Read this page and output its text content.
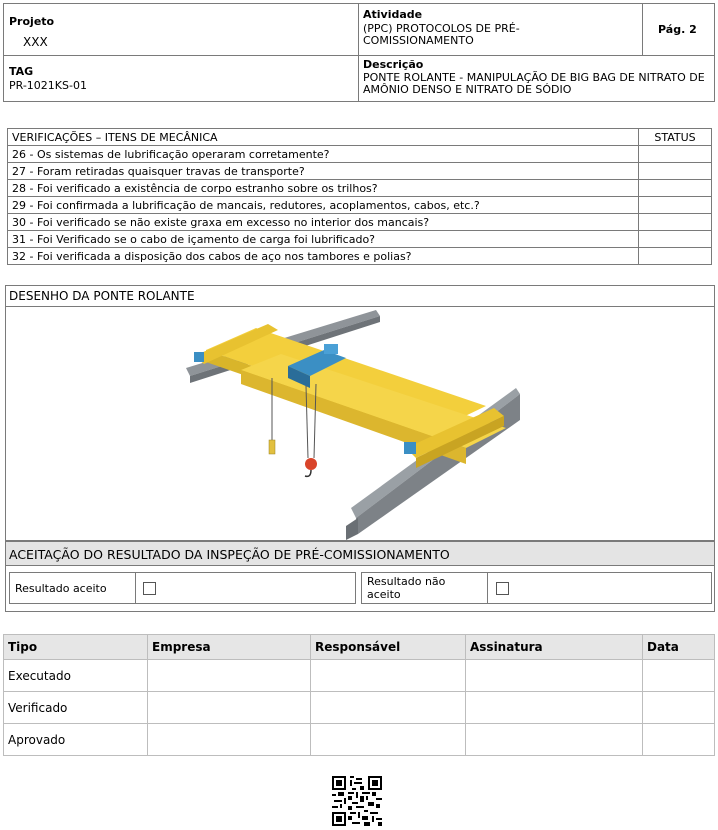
Projeto
XXX
Atividade
(PPC) PROTOCOLOS DE PRÉ-COMISSIONAMENTO
Pág. 2
TAG
PR-1021KS-01
Descrição
PONTE ROLANTE - MANIPULAÇÃO DE BIG BAG DE NITRATO DE AMÔNIO DENSO E NITRATO DE SÓDIO
VERIFICAÇÕES – ITENS DE MECÂNICA	STATUS
26 - Os sistemas de lubrificação operaram corretamente?	
27 - Foram retiradas quaisquer travas de transporte?	
28 - Foi verificado a existência de corpo estranho sobre os trilhos?	
29 - Foi confirmada a lubrificação de mancais, redutores, acoplamentos, cabos, etc.?	
30 - Foi verificado se não existe graxa em excesso no interior dos mancais?	
31 - Foi Verificado se o cabo de içamento de carga foi lubrificado?	
32 - Foi verificada a disposição dos cabos de aço nos tambores e polias?	
DESENHO DA PONTE ROLANTE
ACEITAÇÃO DO RESULTADO DA INSPEÇÃO DE PRÉ-COMISSIONAMENTO
Resultado aceito
Resultado não aceito
Tipo	Empresa	Responsável	Assinatura	Data
Executado				
Verificado				
Aprovado				
